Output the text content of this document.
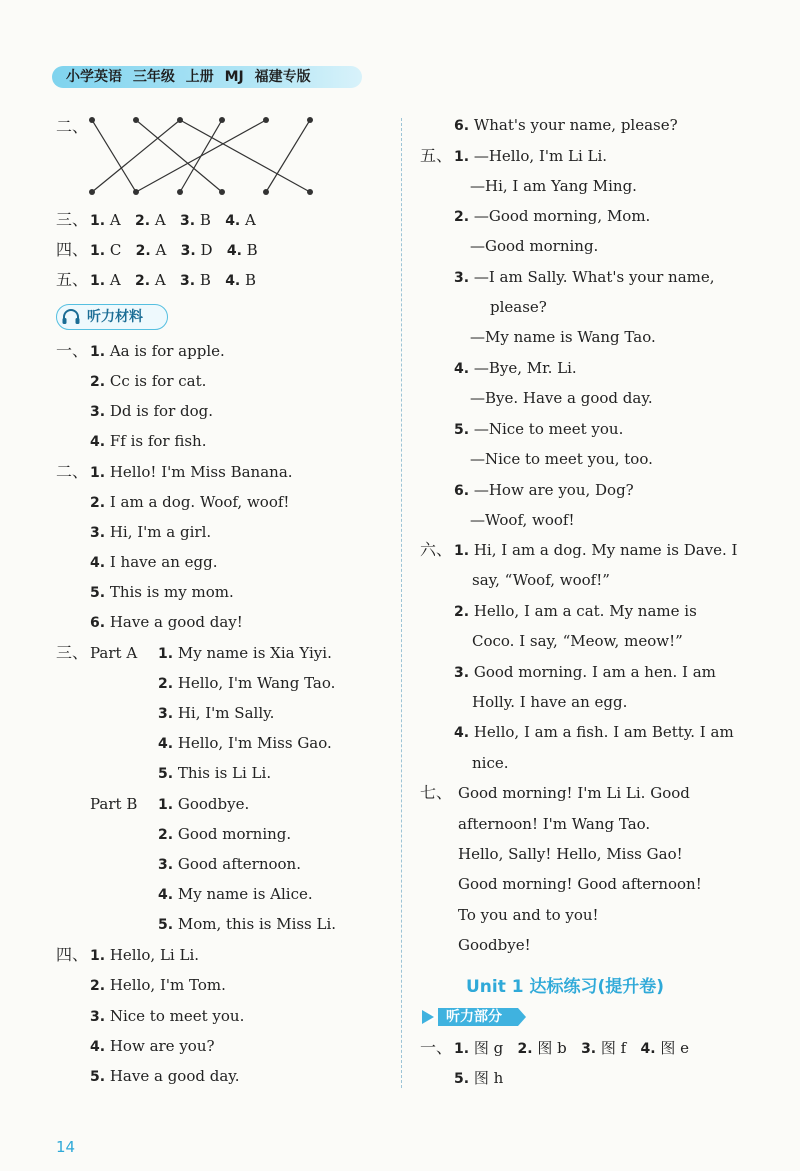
小学英语 三年级 上册 MJ 福建专版
二、
三、 1. A 2. A 3. B 4. A
四、 1. C 2. A 3. D 4. B
五、 1. A 2. A 3. B 4. B
听力材料
一、 1. Aa is for apple.
2. Cc is for cat.
3. Dd is for dog.
4. Ff is for fish.
二、 1. Hello! I'm Miss Banana.
2. I am a dog. Woof, woof!
3. Hi, I'm a girl.
4. I have an egg.
5. This is my mom.
6. Have a good day!
三、 Part A 1. My name is Xia Yiyi.
2. Hello, I'm Wang Tao.
3. Hi, I'm Sally.
4. Hello, I'm Miss Gao.
5. This is Li Li.
Part B 1. Goodbye.
2. Good morning.
3. Good afternoon.
4. My name is Alice.
5. Mom, this is Miss Li.
四、 1. Hello, Li Li.
2. Hello, I'm Tom.
3. Nice to meet you.
4. How are you?
5. Have a good day.
6. What's your name, please?
五、 1. —Hello, I'm Li Li.
—Hi, I am Yang Ming.
2. —Good morning, Mom.
—Good morning.
3. —I am Sally. What's your name,
please?
—My name is Wang Tao.
4. —Bye, Mr. Li.
—Bye. Have a good day.
5. —Nice to meet you.
—Nice to meet you, too.
6. —How are you, Dog?
—Woof, woof!
六、 1. Hi, I am a dog. My name is Dave. I
say, “Woof, woof!”
2. Hello, I am a cat. My name is
Coco. I say, “Meow, meow!”
3. Good morning. I am a hen. I am
Holly. I have an egg.
4. Hello, I am a fish. I am Betty. I am
nice.
七、 Good morning! I'm Li Li. Good
afternoon! I'm Wang Tao.
Hello, Sally! Hello, Miss Gao!
Good morning! Good afternoon!
To you and to you!
Goodbye!
Unit 1 达标练习(提升卷)
听力部分
一、 1. 图 g 2. 图 b 3. 图 f 4. 图 e
5. 图 h
14
